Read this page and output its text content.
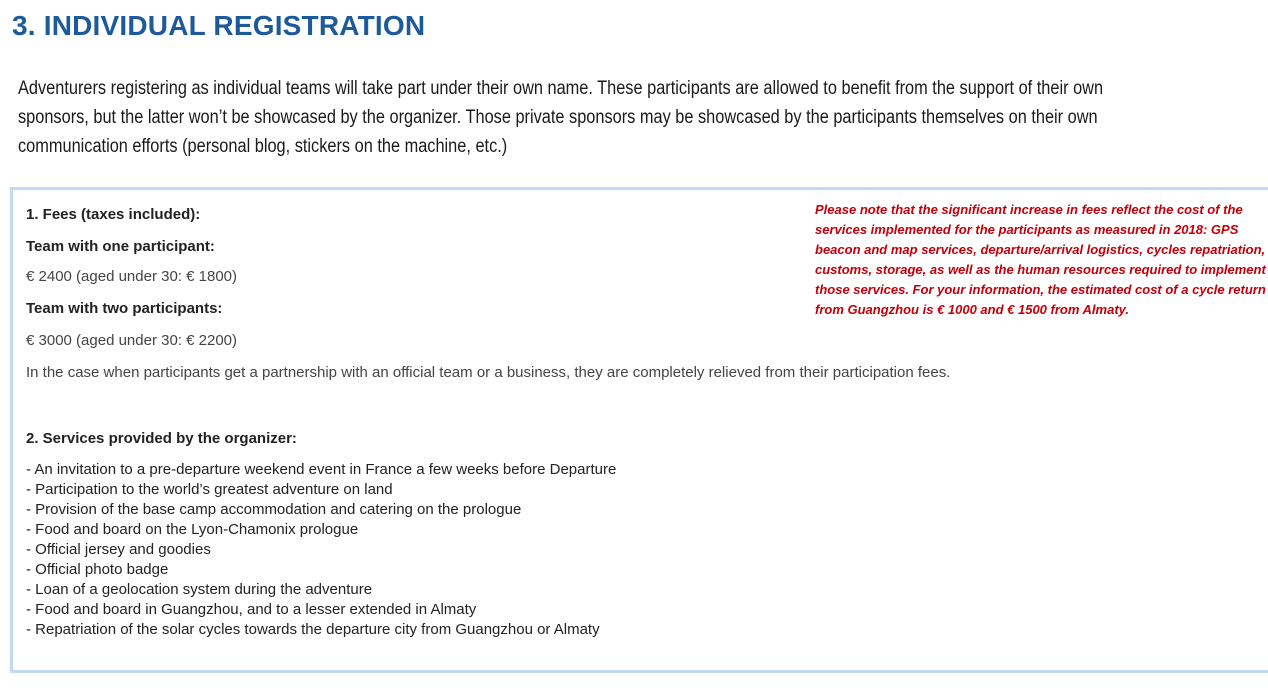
3. INDIVIDUAL REGISTRATION

Adventurers registering as individual teams will take part under their own name. These participants are allowed to benefit from the support of their own sponsors, but the latter won’t be showcased by the organizer. Those private sponsors may be showcased by the participants themselves on their own communication efforts (personal blog, stickers on the machine, etc.)

1. Fees (taxes included):

Team with one participant:

€ 2400 (aged under 30: € 1800)

Team with two participants:

€ 3000 (aged under 30: € 2200)

In the case when participants get a partnership with an official team or a business, they are completely relieved from their participation fees.

Please note that the significant increase in fees reflect the cost of the services implemented for the participants as measured in 2018: GPS beacon and map services, departure/arrival logistics, cycles repatriation, customs, storage, as well as the human resources required to implement those services. For your information, the estimated cost of a cycle return from Guangzhou is € 1000 and € 1500 from Almaty.

2. Services provided by the organizer:

- An invitation to a pre-departure weekend event in France a few weeks before Departure
- Participation to the world’s greatest adventure on land
- Provision of the base camp accommodation and catering on the prologue
- Food and board on the Lyon-Chamonix prologue
- Official jersey and goodies
- Official photo badge
- Loan of a geolocation system during the adventure
- Food and board in Guangzhou, and to a lesser extended in Almaty
- Repatriation of the solar cycles towards the departure city from Guangzhou or Almaty
